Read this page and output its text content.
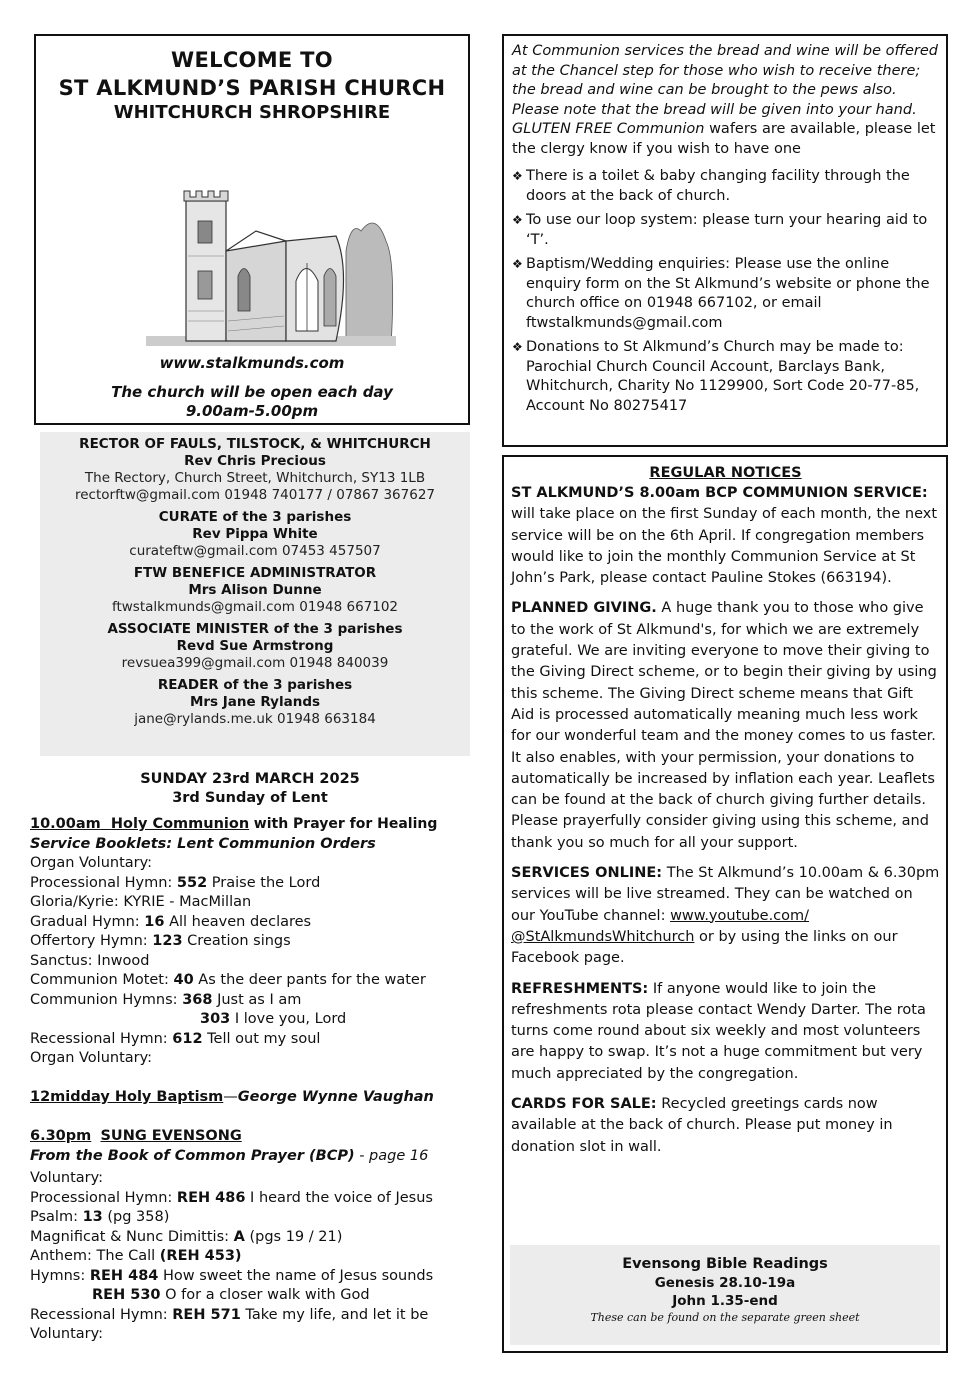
WELCOME TO
ST ALKMUND’S PARISH CHURCH
WHITCHURCH SHROPSHIRE
www.stalkmunds.com
The church will be open each day
9.00am-5.00pm
RECTOR OF FAULS, TILSTOCK, & WHITCHURCH
Rev Chris Precious
The Rectory, Church Street, Whitchurch, SY13 1LB
rectorftw@gmail.com 01948 740177 / 07867 367627
CURATE of the 3 parishes
Rev Pippa White
curateftw@gmail.com 07453 457507
FTW BENEFICE ADMINISTRATOR
Mrs Alison Dunne
ftwstalkmunds@gmail.com 01948 667102
ASSOCIATE MINISTER of the 3 parishes
Revd Sue Armstrong
revsuea399@gmail.com 01948 840039
READER of the 3 parishes
Mrs Jane Rylands
jane@rylands.me.uk 01948 663184
SUNDAY 23rd MARCH 2025
3rd Sunday of Lent
10.00am Holy Communion with Prayer for Healing
Service Booklets: Lent Communion Orders
Organ Voluntary:
Processional Hymn: 552 Praise the Lord
Gloria/Kyrie: KYRIE - MacMillan
Gradual Hymn: 16 All heaven declares
Offertory Hymn: 123 Creation sings
Sanctus: Inwood
Communion Motet: 40 As the deer pants for the water
Communion Hymns: 368 Just as I am
303 I love you, Lord
Recessional Hymn: 612 Tell out my soul
Organ Voluntary:
12midday Holy Baptism—George Wynne Vaughan
6.30pm SUNG EVENSONG
From the Book of Common Prayer (BCP) - page 16
Voluntary:
Processional Hymn: REH 486 I heard the voice of Jesus
Psalm: 13 (pg 358)
Magnificat & Nunc Dimittis: A (pgs 19 / 21)
Anthem: The Call (REH 453)
Hymns: REH 484 How sweet the name of Jesus sounds
REH 530 O for a closer walk with God
Recessional Hymn: REH 571 Take my life, and let it be
Voluntary:
At Communion services the bread and wine will be offered at the Chancel step for those who wish to receive there; the bread and wine can be brought to the pews also. Please note that the bread will be given into your hand. GLUTEN FREE Communion wafers are available, please let the clergy know if you wish to have one
❖ There is a toilet & baby changing facility through the doors at the back of church.
❖ To use our loop system: please turn your hearing aid to ‘T’.
❖ Baptism/Wedding enquiries: Please use the online enquiry form on the St Alkmund’s website or phone the church office on 01948 667102, or email ftwstalkmunds@gmail.com
❖ Donations to St Alkmund’s Church may be made to: Parochial Church Council Account, Barclays Bank, Whitchurch, Charity No 1129900, Sort Code 20-77-85, Account No 80275417
REGULAR NOTICES

ST ALKMUND’S 8.00am BCP COMMUNION SERVICE: will take place on the first Sunday of each month, the next service will be on the 6th April. If congregation members would like to join the monthly Communion Service at St John’s Park, please contact Pauline Stokes (663194).

PLANNED GIVING. A huge thank you to those who give to the work of St Alkmund's, for which we are extremely grateful. We are inviting everyone to move their giving to the Giving Direct scheme, or to begin their giving by using this scheme. The Giving Direct scheme means that Gift Aid is processed automatically meaning much less work for our wonderful team and the money comes to us faster. It also enables, with your permission, your donations to automatically be increased by inflation each year. Leaflets can be found at the back of church giving further details. Please prayerfully consider giving using this scheme, and thank you so much for all your support.

SERVICES ONLINE: The St Alkmund’s 10.00am & 6.30pm services will be live streamed. They can be watched on our YouTube channel: www.youtube.com/ @StAlkmundsWhitchurch or by using the links on our Facebook page.

REFRESHMENTS: If anyone would like to join the refreshments rota please contact Wendy Darter. The rota turns come round about six weekly and most volunteers are happy to swap. It’s not a huge commitment but very much appreciated by the congregation.

CARDS FOR SALE: Recycled greetings cards now available at the back of church. Please put money in donation slot in wall.

Evensong Bible Readings
Genesis 28.10-19a
John 1.35-end
These can be found on the separate green sheet
